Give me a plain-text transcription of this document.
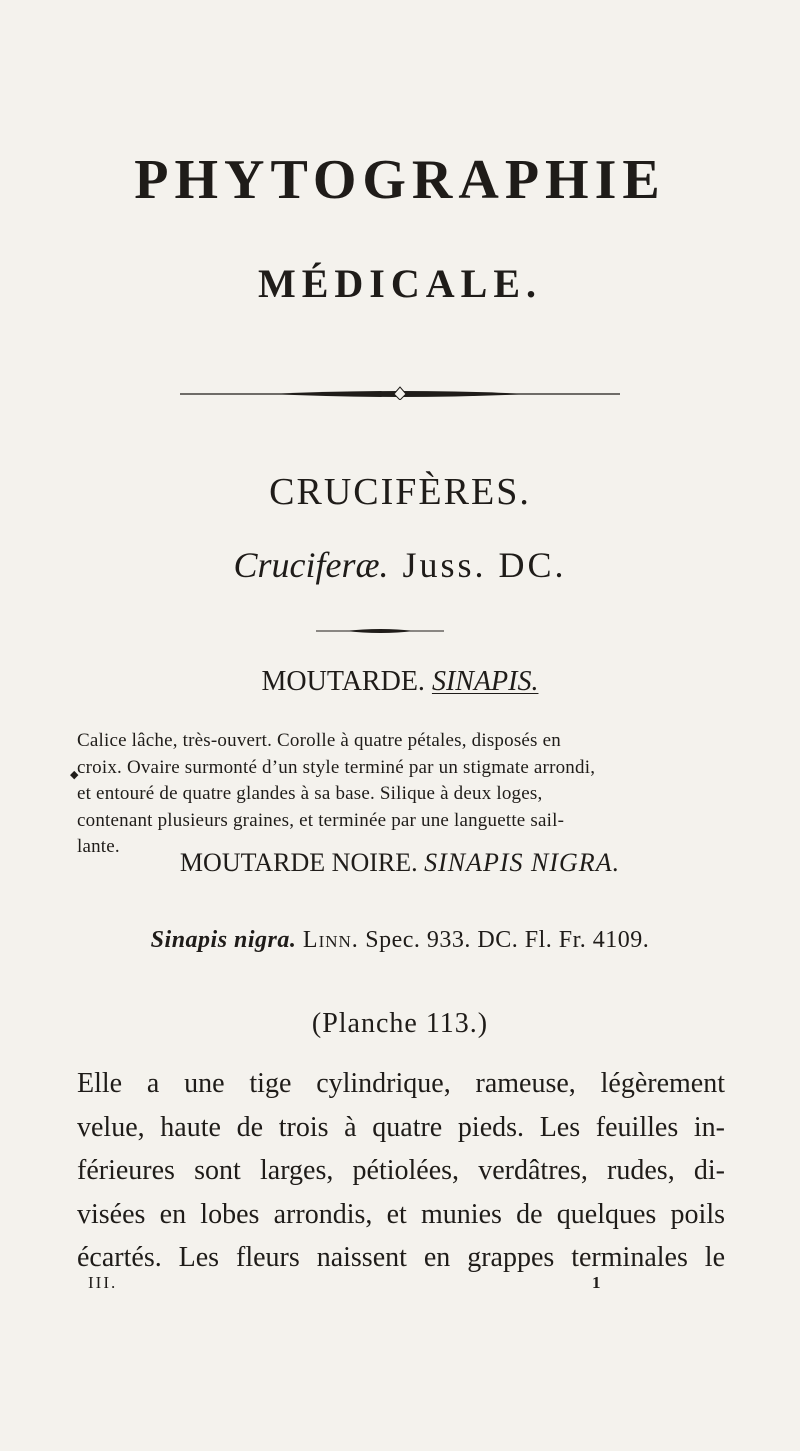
PHYTOGRAPHIE
MÉDICALE.
CRUCIFÈRES.
Cruciferæ. Juss. DC.
MOUTARDE. SINAPIS.
◆
Calice lâche, très-ouvert. Corolle à quatre pétales, disposés en
croix. Ovaire surmonté d’un style terminé par un stigmate arrondi,
et entouré de quatre glandes à sa base. Silique à deux loges,
contenant plusieurs graines, et terminée par une languette sail-
lante.
MOUTARDE NOIRE. SINAPIS NIGRA.
Sinapis nigra. Linn. Spec. 933. DC. Fl. Fr. 4109.
(Planche 113.)
Elle a une tige cylindrique, rameuse, légèrement
velue, haute de trois à quatre pieds. Les feuilles in-
férieures sont larges, pétiolées, verdâtres, rudes, di-
visées en lobes arrondis, et munies de quelques poils
écartés. Les fleurs naissent en grappes terminales le
III.	1
